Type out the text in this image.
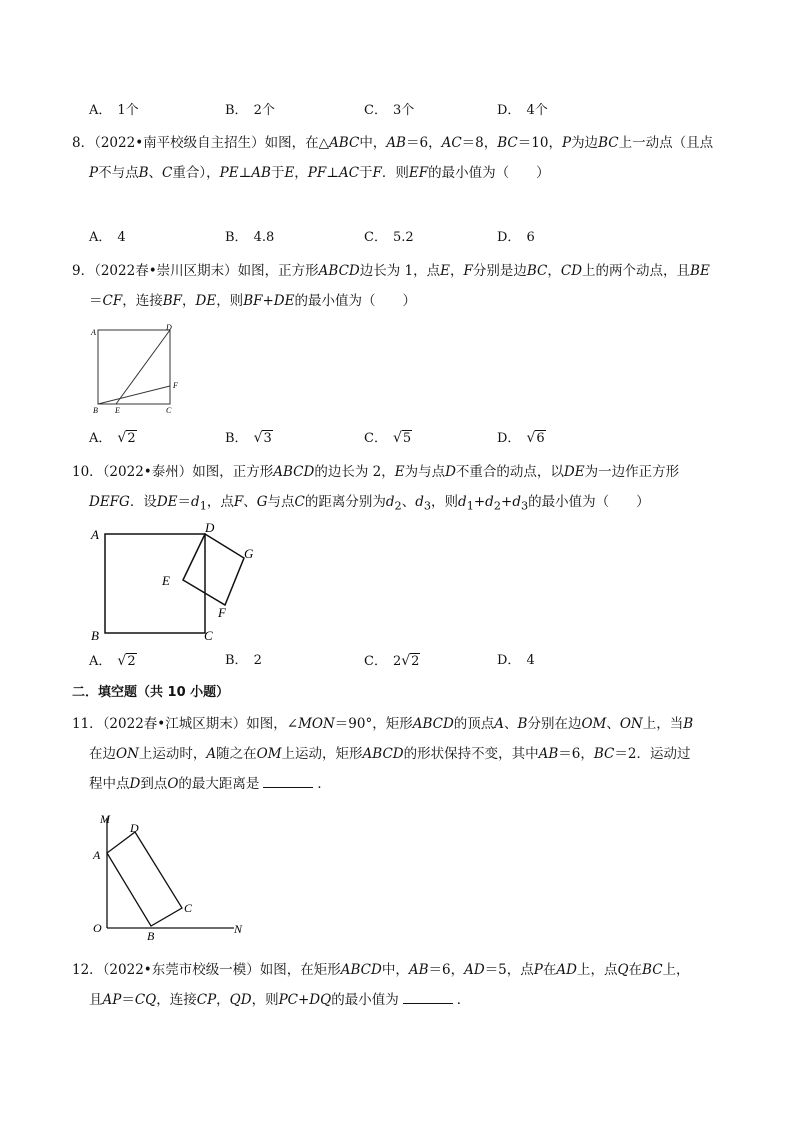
A． 1个	B． 2个	C． 3个	D． 4个
8．（2022•南平校级自主招生）如图，在△ABC中，AB＝6，AC＝8，BC＝10，P为边BC上一动点（且点
P不与点B、C重合），PE⊥AB于E，PF⊥AC于F．则EF的最小值为（　　）
A． 4	B． 4.8	C． 5.2	D． 6
9．（2022春•崇川区期末）如图，正方形ABCD边长为 1，点E，F分别是边BC，CD上的两个动点，且BE
＝CF，连接BF，DE，则BF+DE的最小值为（　　）
A
D
F
B E	C
A． √2	B． √3	C． √5	D． √6
10．（2022•泰州）如图，正方形ABCD的边长为 2，E为与点D不重合的动点，以DE为一边作正方形
DEFG．设$DE=d_1$，点F、G与点C的距离分别为$d_2$、$d_3$，则$d_1+d_2+d_3$的最小值为（　　）
A	D
G
E
F
B	C
A． √2	B． 2	C． 2√2	D． 4
二．填空题（共 10 小题）
11．（2022春•江城区期末）如图，∠MON＝90°，矩形ABCD的顶点A、B分别在边OM、ON上，当B
在边ON上运动时，A随之在OM上运动，矩形ABCD的形状保持不变，其中AB＝6，BC＝2．运动过
程中点D到点O的最大距离是	．
M
D
A
C
O
B	N
12．（2022•东莞市校级一模）如图，在矩形ABCD中，AB＝6，AD＝5，点P在AD上，点Q在BC上，
且AP＝CQ，连接CP，QD，则PC+DQ的最小值为	．
